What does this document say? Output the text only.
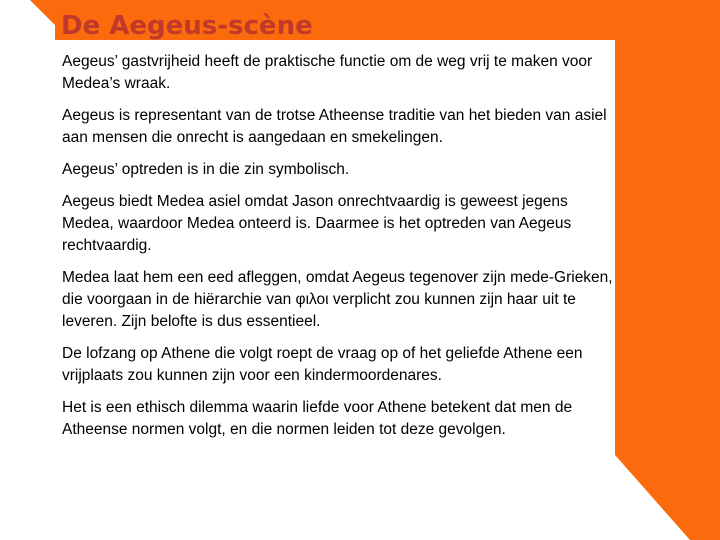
De Aegeus-scène

Aegeus’ gastvrijheid heeft de praktische functie om de weg vrij te maken voor Medea’s wraak.

Aegeus is representant van de trotse Atheense traditie van het bieden van asiel aan mensen die onrecht is aangedaan en smekelingen.

Aegeus’ optreden is in die zin symbolisch.

Aegeus biedt Medea asiel omdat Jason onrechtvaardig is geweest jegens Medea, waardoor Medea onteerd is. Daarmee is het optreden van Aegeus rechtvaardig.

Medea laat hem een eed afleggen, omdat Aegeus tegenover zijn mede-Grieken, die voorgaan in de hiërarchie van φιλοι verplicht zou kunnen zijn haar uit te leveren. Zijn belofte is dus essentieel.

De lofzang op Athene die volgt roept de vraag op of het geliefde Athene een vrijplaats zou kunnen zijn voor een kindermoordenares.

Het is een ethisch dilemma waarin liefde voor Athene betekent dat men de Atheense normen volgt, en die normen leiden tot deze gevolgen.
